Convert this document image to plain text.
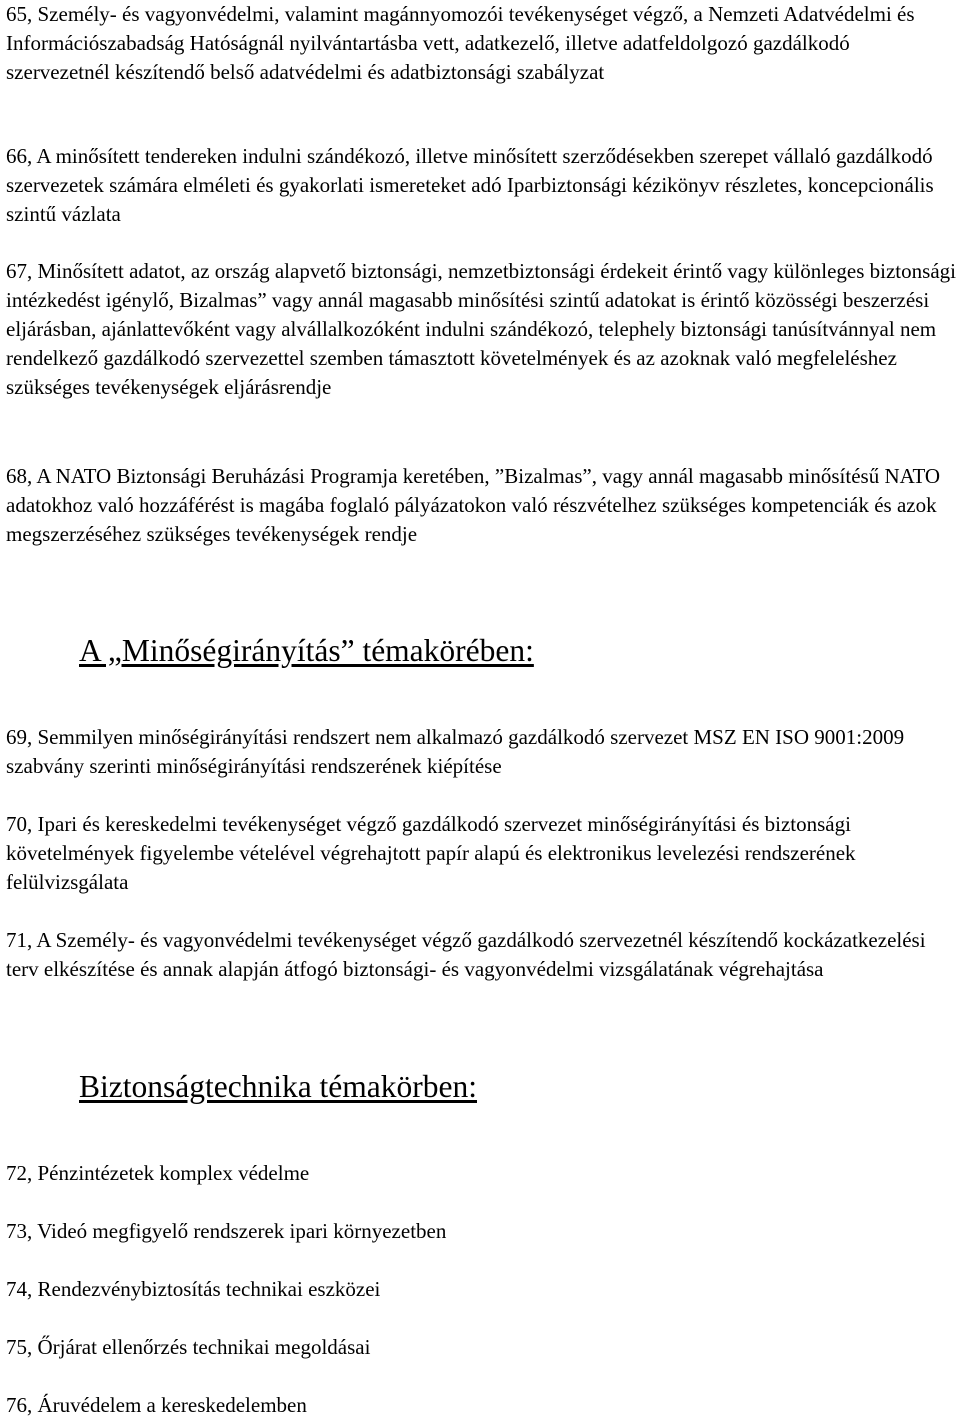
65, Személy- és vagyonvédelmi, valamint magánnyomozói tevékenységet végző, a Nemzeti Adatvédelmi és Információszabadság Hatóságnál nyilvántartásba vett, adatkezelő, illetve adatfeldolgozó gazdálkodó szervezetnél készítendő belső adatvédelmi és adatbiztonsági szabályzat

66, A minősített tendereken indulni szándékozó, illetve minősített szerződésekben szerepet vállaló gazdálkodó szervezetek számára elméleti és gyakorlati ismereteket adó Iparbiztonsági kézikönyv részletes, koncepcionális szintű vázlata

67, Minősített adatot, az ország alapvető biztonsági, nemzetbiztonsági érdekeit érintő vagy különleges biztonsági intézkedést igénylő, Bizalmas” vagy annál magasabb minősítési szintű adatokat is érintő közösségi beszerzési eljárásban, ajánlattevőként vagy alvállalkozóként indulni szándékozó, telephely biztonsági tanúsítvánnyal nem rendelkező gazdálkodó szervezettel szemben támasztott követelmények és az azoknak való megfeleléshez szükséges tevékenységek eljárásrendje

68, A NATO Biztonsági Beruházási Programja keretében, ”Bizalmas”, vagy annál magasabb minősítésű NATO adatokhoz való hozzáférést is magába foglaló pályázatokon való részvételhez szükséges kompetenciák és azok megszerzéséhez szükséges tevékenységek rendje

A „Minőségirányítás” témakörében:

69, Semmilyen minőségirányítási rendszert nem alkalmazó gazdálkodó szervezet MSZ EN ISO 9001:2009 szabvány szerinti minőségirányítási rendszerének kiépítése

70, Ipari és kereskedelmi tevékenységet végző gazdálkodó szervezet minőségirányítási és biztonsági követelmények figyelembe vételével végrehajtott papír alapú és elektronikus levelezési rendszerének felülvizsgálata

71, A Személy- és vagyonvédelmi tevékenységet végző gazdálkodó szervezetnél készítendő kockázatkezelési terv elkészítése és annak alapján átfogó biztonsági- és vagyonvédelmi vizsgálatának végrehajtása

Biztonságtechnika témakörben:

72, Pénzintézetek komplex védelme

73, Videó megfigyelő rendszerek ipari környezetben

74, Rendezvénybiztosítás technikai eszközei

75, Őrjárat ellenőrzés technikai megoldásai

76, Áruvédelem a kereskedelemben
